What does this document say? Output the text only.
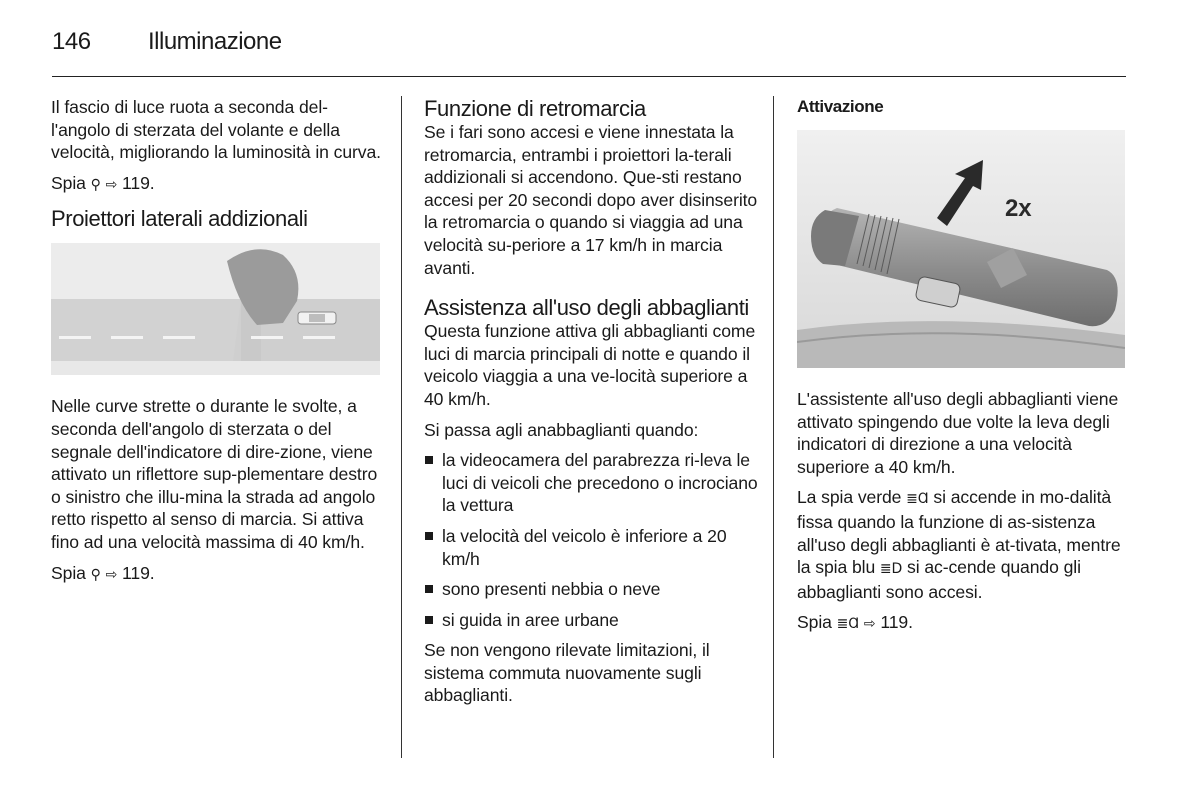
146 Illuminazione

Il fascio di luce ruota a seconda del-l'angolo di sterzata del volante e della velocità, migliorando la luminosità in curva.

Spia ⚲ ⇨ 119.

Proiettori laterali addizionali

Nelle curve strette o durante le svolte, a seconda dell'angolo di sterzata o del segnale dell'indicatore di dire-zione, viene attivato un riflettore sup-plementare destro o sinistro che illu-mina la strada ad angolo retto rispetto al senso di marcia. Si attiva fino ad una velocità massima di 40 km/h.

Spia ⚲ ⇨ 119.

Funzione di retromarcia

Se i fari sono accesi e viene innestata la retromarcia, entrambi i proiettori la-terali addizionali si accendono. Que-sti restano accesi per 20 secondi dopo aver disinserito la retromarcia o quando si viaggia ad una velocità su-periore a 17 km/h in marcia avanti.

Assistenza all'uso degli abbaglianti

Questa funzione attiva gli abbaglianti come luci di marcia principali di notte e quando il veicolo viaggia a una ve-locità superiore a 40 km/h.

Si passa agli anabbaglianti quando:

la videocamera del parabrezza ri-leva le luci di veicoli che precedono o incrociano la vettura
la velocità del veicolo è inferiore a 20 km/h
sono presenti nebbia o neve
si guida in aree urbane

Se non vengono rilevate limitazioni, il sistema commuta nuovamente sugli abbaglianti.

Attivazione
2x

L'assistente all'uso degli abbaglianti viene attivato spingendo due volte la leva degli indicatori di direzione a una velocità superiore a 40 km/h.

La spia verde ≣Ɑ si accende in mo-dalità fissa quando la funzione di as-sistenza all'uso degli abbaglianti è at-tivata, mentre la spia blu ≣D si ac-cende quando gli abbaglianti sono accesi.

Spia ≣Ɑ ⇨ 119.
